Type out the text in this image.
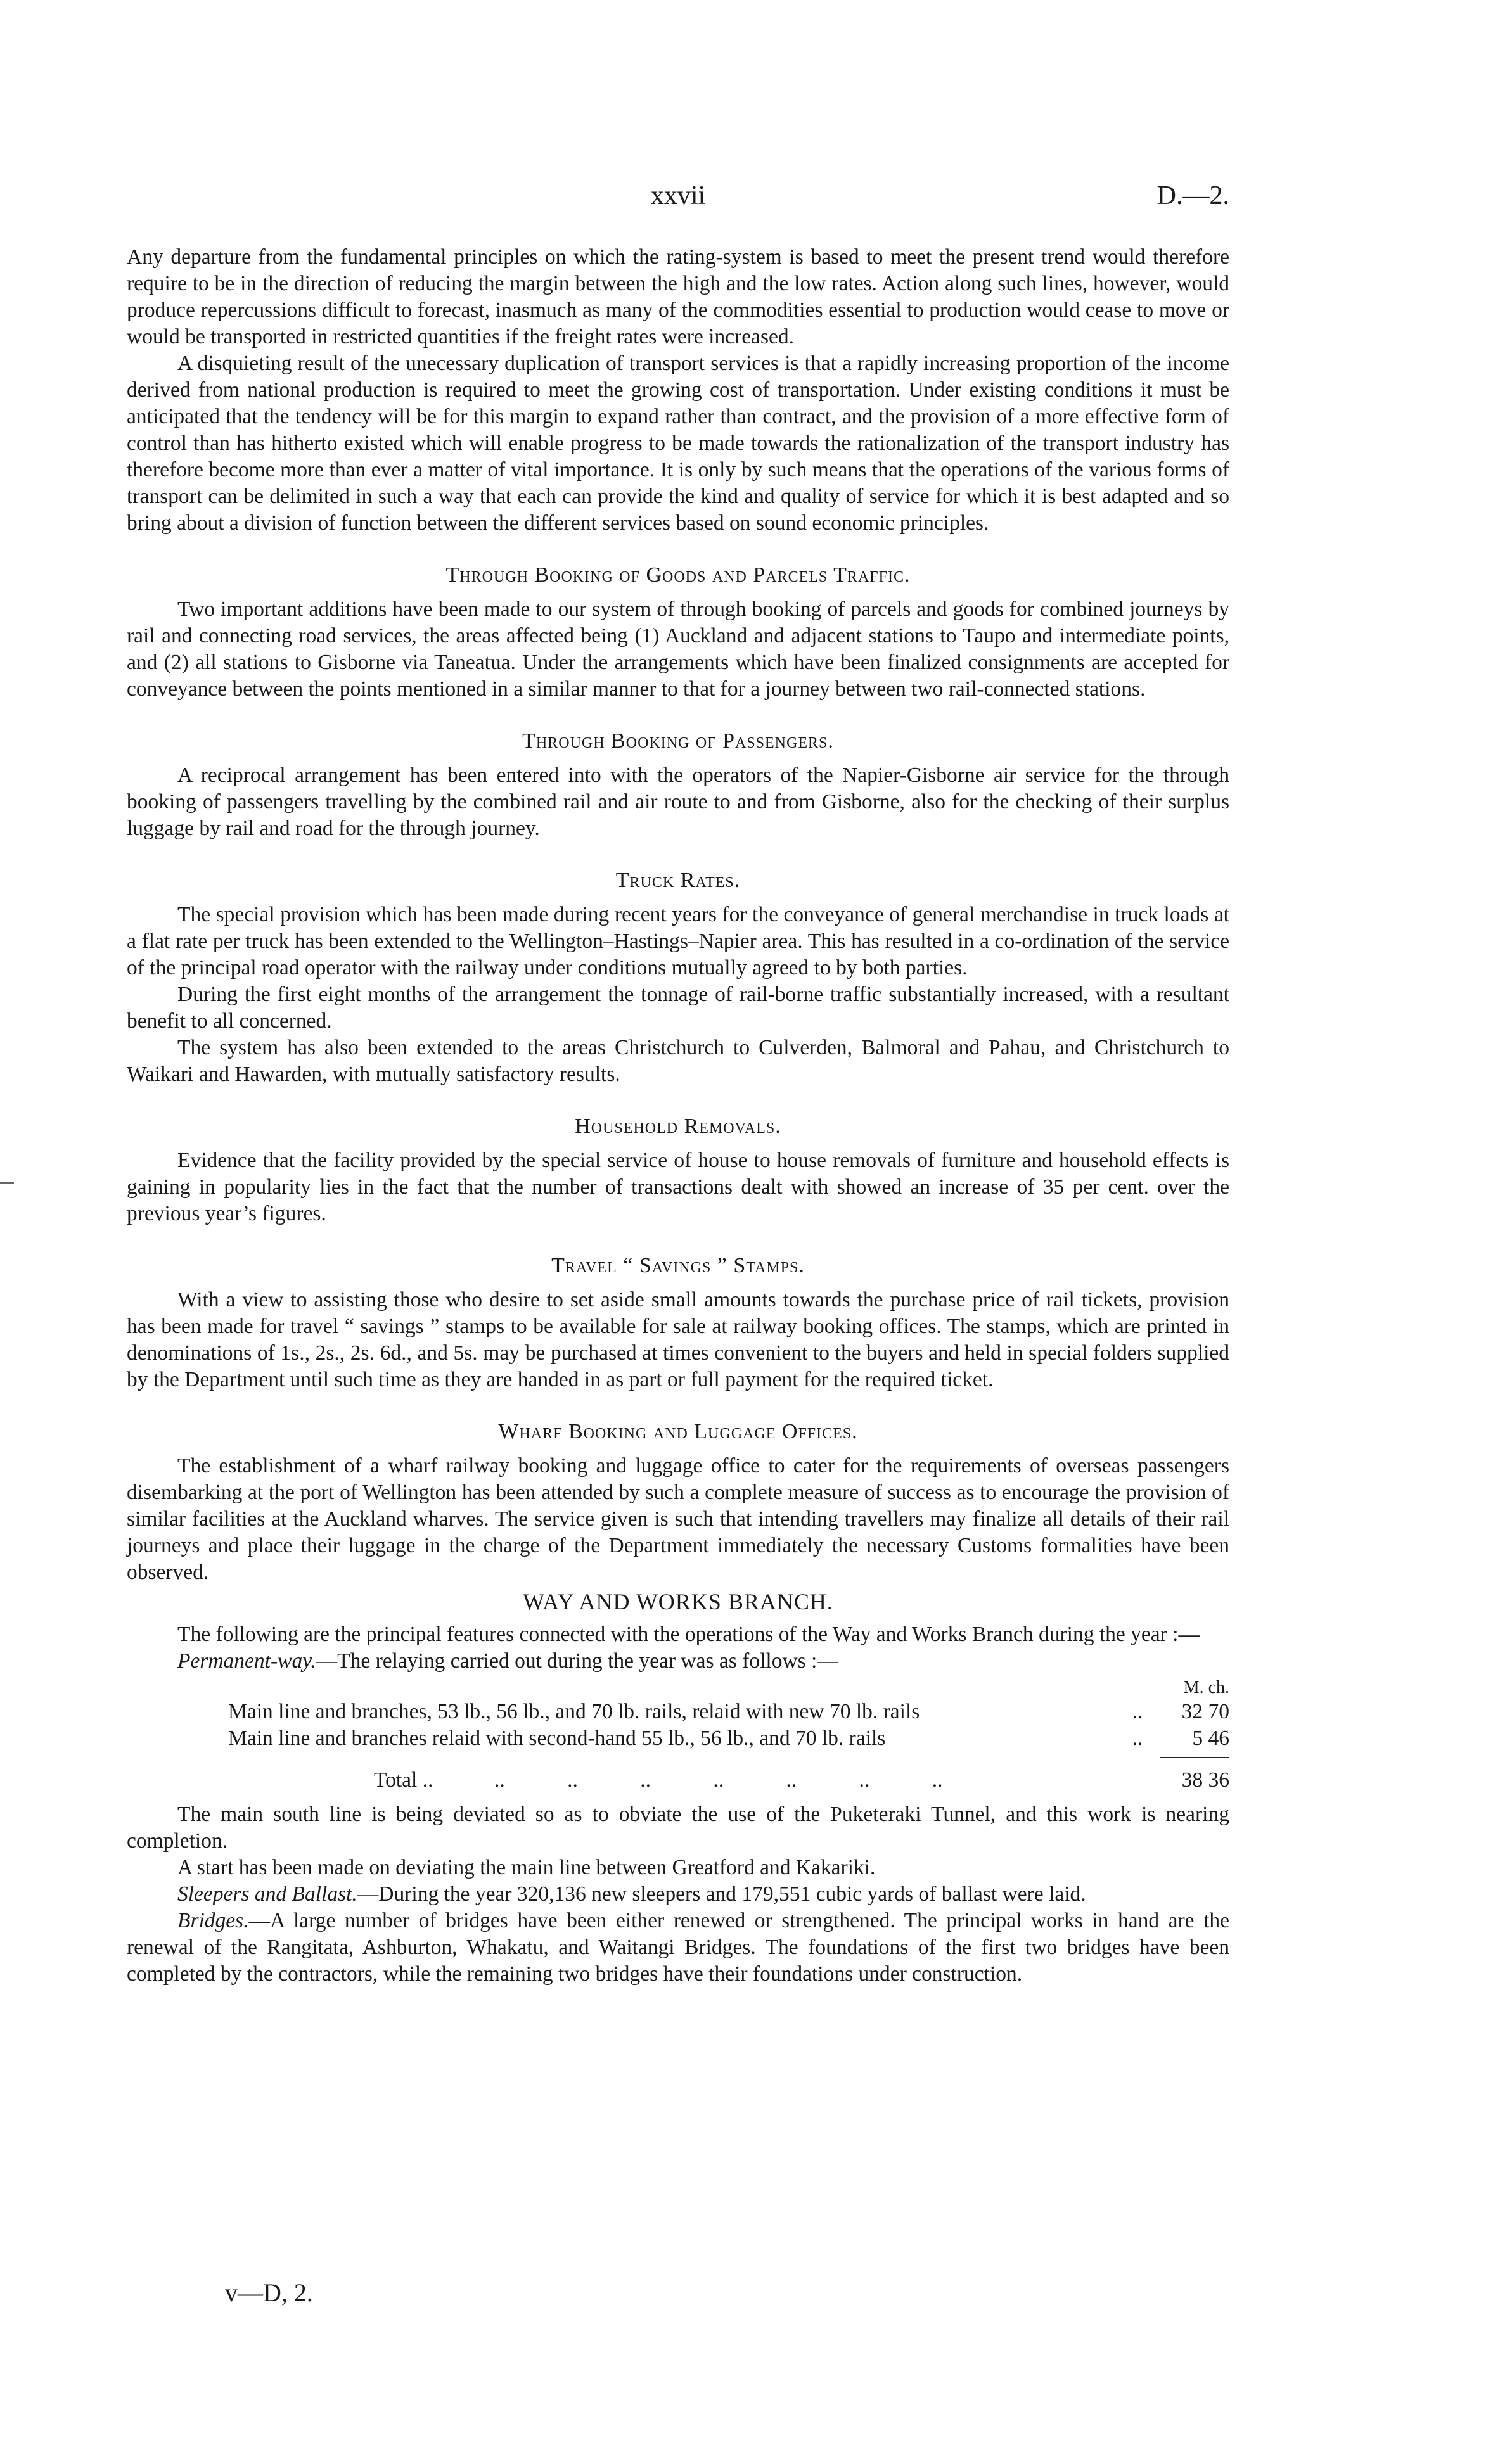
xxvii	D.—2.

Any departure from the fundamental principles on which the rating-system is based to meet the present trend would therefore require to be in the direction of reducing the margin between the high and the low rates. Action along such lines, however, would produce repercussions difficult to forecast, inasmuch as many of the commodities essential to production would cease to move or would be transported in restricted quantities if the freight rates were increased.

A disquieting result of the unecessary duplication of transport services is that a rapidly increasing proportion of the income derived from national production is required to meet the growing cost of transportation. Under existing conditions it must be anticipated that the tendency will be for this margin to expand rather than contract, and the provision of a more effective form of control than has hitherto existed which will enable progress to be made towards the rationalization of the transport industry has therefore become more than ever a matter of vital importance. It is only by such means that the operations of the various forms of transport can be delimited in such a way that each can provide the kind and quality of service for which it is best adapted and so bring about a division of function between the different services based on sound economic principles.

Through Booking of Goods and Parcels Traffic.

Two important additions have been made to our system of through booking of parcels and goods for combined journeys by rail and connecting road services, the areas affected being (1) Auckland and adjacent stations to Taupo and intermediate points, and (2) all stations to Gisborne via Taneatua. Under the arrangements which have been finalized consignments are accepted for conveyance between the points mentioned in a similar manner to that for a journey between two rail-connected stations.

Through Booking of Passengers.

A reciprocal arrangement has been entered into with the operators of the Napier-Gisborne air service for the through booking of passengers travelling by the combined rail and air route to and from Gisborne, also for the checking of their surplus luggage by rail and road for the through journey.

Truck Rates.

The special provision which has been made during recent years for the conveyance of general merchandise in truck loads at a flat rate per truck has been extended to the Wellington–Hastings–Napier area. This has resulted in a co-ordination of the service of the principal road operator with the railway under conditions mutually agreed to by both parties.

During the first eight months of the arrangement the tonnage of rail-borne traffic substantially increased, with a resultant benefit to all concerned.

The system has also been extended to the areas Christchurch to Culverden, Balmoral and Pahau, and Christchurch to Waikari and Hawarden, with mutually satisfactory results.

Household Removals.

Evidence that the facility provided by the special service of house to house removals of furniture and household effects is gaining in popularity lies in the fact that the number of transactions dealt with showed an increase of 35 per cent. over the previous year’s figures.

Travel “ Savings ” Stamps.

With a view to assisting those who desire to set aside small amounts towards the purchase price of rail tickets, provision has been made for travel “ savings ” stamps to be available for sale at railway booking offices. The stamps, which are printed in denominations of 1s., 2s., 2s. 6d., and 5s. may be purchased at times convenient to the buyers and held in special folders supplied by the Department until such time as they are handed in as part or full payment for the required ticket.

Wharf Booking and Luggage Offices.

The establishment of a wharf railway booking and luggage office to cater for the requirements of overseas passengers disembarking at the port of Wellington has been attended by such a complete measure of success as to encourage the provision of similar facilities at the Auckland wharves. The service given is such that intending travellers may finalize all details of their rail journeys and place their luggage in the charge of the Department immediately the necessary Customs formalities have been observed.

WAY AND WORKS BRANCH.

The following are the principal features connected with the operations of the Way and Works Branch during the year :—

Permanent-way.—The relaying carried out during the year was as follows :—

M. ch.
Main line and branches, 53 lb., 56 lb., and 70 lb. rails, relaid with new 70 lb. rails	..	32 70
Main line and branches relaid with second-hand 55 lb., 56 lb., and 70 lb. rails	..	5 46
Total ..	.. .. .. .. .. .. ..	38 36

The main south line is being deviated so as to obviate the use of the Puketeraki Tunnel, and this work is nearing completion.

A start has been made on deviating the main line between Greatford and Kakariki.

Sleepers and Ballast.—During the year 320,136 new sleepers and 179,551 cubic yards of ballast were laid.

Bridges.—A large number of bridges have been either renewed or strengthened. The principal works in hand are the renewal of the Rangitata, Ashburton, Whakatu, and Waitangi Bridges. The foundations of the first two bridges have been completed by the contractors, while the remaining two bridges have their foundations under construction.

v—D, 2.
